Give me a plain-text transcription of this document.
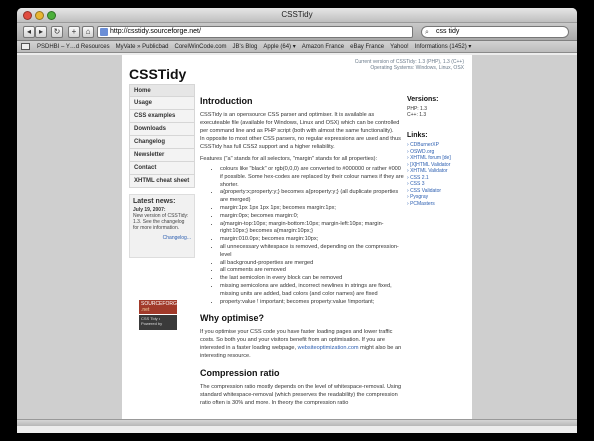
CSSTidy
◂ ▸	↻	+	⌂	http://csstidy.sourceforge.net/	⌕ css tidy
PSDHBI – Y…d Resources	MyVate » Publicbad	CorelWinCode.com	JB's Blog	Apple (64) ▾	Amazon France	eBay France	Yahoo!	Informations (1452) ▾
CSSTidy
Current version of CSSTidy: 1.3 (PHP), 1.3 (C++)
Operating Systems: Windows, Linux, OSX
Home
Usage
CSS examples
Downloads
Changelog
Newsletter
Contact
XHTML cheat sheet
Latest news:
July 19, 2007:
New version of CSSTidy: 1.3. See the changelog for more information.
Changelog...
SOURCEFORGE
.net
CSS Tidy • Powered by
Introduction

CSSTidy is an opensource CSS parser and optimiser. It is available as executeable file (available for Windows, Linux and OSX) which can be controlled per command line and as PHP script (both with almost the same functionality).

In opposite to most other CSS parsers, no regular expressions are used and thus CSSTidy has full CSS2 support and a higher reliability.

Features ("a" stands for all selectors, "margin" stands for all properties):

• colours like "black" or rgb(0,0,0) are converted to #000000 or rather #000 if possible. Some hex-codes are replaced by their colour names if they are shorter.
• a{property:x;property:y;} becomes a{property:y;} (all duplicate properties are merged)
• margin:1px 1px 1px 1px; becomes margin:1px;
• margin:0px; becomes margin:0;
• a{margin-top:10px; margin-bottom:10px; margin-left:10px; margin-right:10px;} becomes a{margin:10px;}
• margin:010.0px; becomes margin:10px;
• all unnecessary whitespace is removed, depending on the compression-level
• all background-properties are merged
• all comments are removed
• the last semicolon in every block can be removed
• missing semicolons are added, incorrect newlines in strings are fixed, missing units are added, bad colors (and color names) are fixed
• property:value ! important; becomes property:value !important;
Why optimise?

If you optimise your CSS code you have faster loading pages and lower traffic costs. So both you and your visitors benefit from an optimisation. If you are interested in a faster loading webpage, websiteoptimization.com might also be an interesting resource.

Compression ratio

The compression ratio mostly depends on the level of whitespace-removal. Using standard whitespace-removal (which preserves the readability) the compression ratio often is 30% and more. In theory the compression ratio

Versions:
PHP: 1.3
C++: 1.3
Links:
› CDBurnerXP
› OSWD.org
› XHTML forum [de]
› [X]HTML Validator
› XHTML Validator
› CSS 2.1
› CSS 3
› CSS Validator
› Pysgray
› PCMasters
